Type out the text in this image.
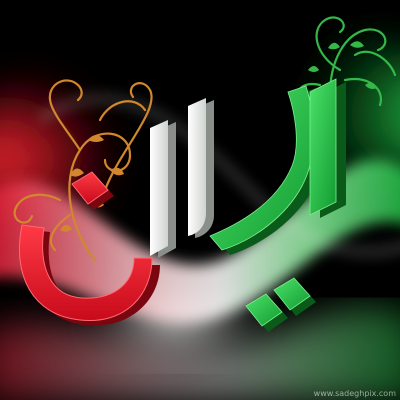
www.sadeghpix.com
